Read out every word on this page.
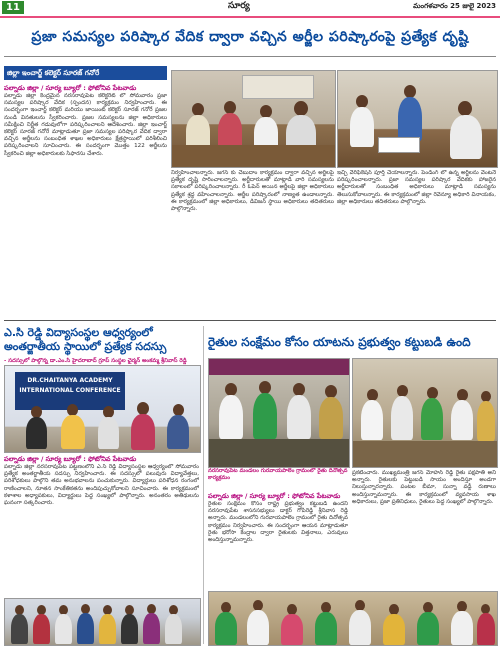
11	సూర్య	మంగళవారం 25 జులై 2023
ప్రజా సమస్యల పరిష్కార వేదిక ద్వారా వచ్చిన అర్జీల పరిష్కారంపై ప్రత్యేక దృష్టి
జిల్లా ఇంచార్జ్ కలెక్టర్ సూరజ్ గనోరే
పల్నాడు జిల్లా / సూర్య బ్యూరో : ఫోటోనివ పేటవాడు
పల్నాడు జిల్లా కేంద్రమైన నరసరావుపేట కలెక్టరేట్ లో సోమవారం ప్రజా సమస్యల పరిష్కార వేదిక (స్పందన) కార్యక్రమం నిర్వహించారు. ఈ సందర్భంగా ఇంచార్జ్ కలెక్టర్ మరియు జాయింట్ కలెక్టర్ సూరజ్ గనోరే ప్రజల నుండి వినతులను స్వీకరించారు. ప్రజల సమస్యలను జిల్లా అధికారులు సమీక్షించి నిర్ణీత గడువులోగా పరిష్కరించాలని ఆదేశించారు. జిల్లా ఇంచార్జ్ కలెక్టర్ సూరజ్ గనోరే మాట్లాడుతూ ప్రజా సమస్యల పరిష్కార వేదిక ద్వారా వచ్చిన అర్జీలను సంబంధిత శాఖల అధికారులు క్షేత్రస్థాయిలో పరిశీలించి పరిష్కరించాలని సూచించారు. ఈ సందర్భంగా మొత్తం 122 అర్జీలను స్వీకరించి జిల్లా అధికారులకు సిఫారసు చేశారు.
నిర్వహించాలన్నారు. జగన్ కు చెబుదాం కార్యక్రమం ద్వారా వచ్చిన అర్జీలపై ప్రత్యేక దృష్టి సారించాలన్నారు. అర్జీదారులతో మాట్లాడి వారి సమస్యలను సకాలంలో పరిష్కరించాలన్నారు. రీ ఓపెన్ అయిన అర్జీలపై జిల్లా అధికారులు ప్రత్యేక శ్రద్ధ వహించాలన్నారు. అర్జీల పరిష్కారంలో నాణ్యత ఉండాలన్నారు. ఈ కార్యక్రమంలో జిల్లా అధికారులు, డివిజన్ స్థాయి అధికారులు తదితరులు పాల్గొన్నారు.
ఇచ్చి వెరిఫికేషన్ పూర్తి చేయాలన్నారు. పెండింగ్ లో ఉన్న అర్జీలను వెంటనే పరిష్కరించాలన్నారు. ప్రజా సమస్యల పరిష్కార వేదికకు హాజరైన అర్జీదారులతో సంబంధిత అధికారులు మాట్లాడి సమస్యను తెలుసుకోవాలన్నారు. ఈ కార్యక్రమంలో జిల్లా రెవెన్యూ అధికారి వినాయకం, జిల్లా అధికారులు తదితరులు పాల్గొన్నారు.
ఎ.సి రెడ్డి విద్యాసంస్థల ఆధ్వర్యంలో అంతర్జాతీయ స్థాయిలో ప్రత్యేక సదస్సు
- సదస్సులో పాల్గొన్న డా.ఎం.సి హైదరాబాద్ గ్రూప్ సంస్థల ఛైర్మన్ అంకమ్మ శ్రీనివాస్ రెడ్డి
DR.CHAITANYA ACADEMY
INTERNATIONAL CONFERENCE
పల్నాడు జిల్లా / సూర్య బ్యూరో : ఫోటోనివ పేటవాడు
పల్నాడు జిల్లా నరసరావుపేట పట్టణంలోని ఎ.సి రెడ్డి విద్యాసంస్థల ఆధ్వర్యంలో సోమవారం ప్రత్యేక అంతర్జాతీయ సదస్సు నిర్వహించారు. ఈ సదస్సులో పలువురు విద్యావేత్తలు, పరిశోధకులు పాల్గొని తమ అనుభవాలను పంచుకున్నారు. విద్యార్థులు పరిశోధన రంగంలో రాణించాలని, నూతన సాంకేతికతను అందిపుచ్చుకోవాలని సూచించారు. ఈ కార్యక్రమంలో కళాశాల అధ్యాపకులు, విద్యార్థులు పెద్ద సంఖ్యలో పాల్గొన్నారు. అనంతరం అతిథులను ఘనంగా సత్కరించారు.
రైతుల సంక్షేమం కోసం యాటను ప్రభుత్వం కట్టుబడి ఉంది
నరసరావుపేట మండలం గురవాయపాలెం గ్రామంలో రైతు దినోత్సవ కార్యక్రమం
పల్నాడు జిల్లా / సూర్య బ్యూరో : ఫోటోనివ పేటవాడు
రైతుల సంక్షేమం కోసం రాష్ట్ర ప్రభుత్వం కట్టుబడి ఉందని నరసరావుపేట శాసనసభ్యులు డాక్టర్ గోపిరెడ్డి శ్రీనివాస రెడ్డి అన్నారు. మండలంలోని గురవాయపాలెం గ్రామంలో రైతు దినోత్సవ కార్యక్రమం నిర్వహించారు. ఈ సందర్భంగా ఆయన మాట్లాడుతూ రైతు భరోసా కేంద్రాల ద్వారా రైతులకు విత్తనాలు, ఎరువులు అందిస్తున్నామన్నారు.
ప్రకటించారు. ముఖ్యమంత్రి జగన్ మోహన్ రెడ్డి రైతు పక్షపాతి అని అన్నారు. రైతులకు పెట్టుబడి సాయం అందిస్తూ అండగా నిలుస్తున్నారన్నారు. పంటల బీమా, సున్నా వడ్డీ రుణాలు అందిస్తున్నామన్నారు. ఈ కార్యక్రమంలో వ్యవసాయ శాఖ అధికారులు, ప్రజా ప్రతినిధులు, రైతులు పెద్ద సంఖ్యలో పాల్గొన్నారు.
